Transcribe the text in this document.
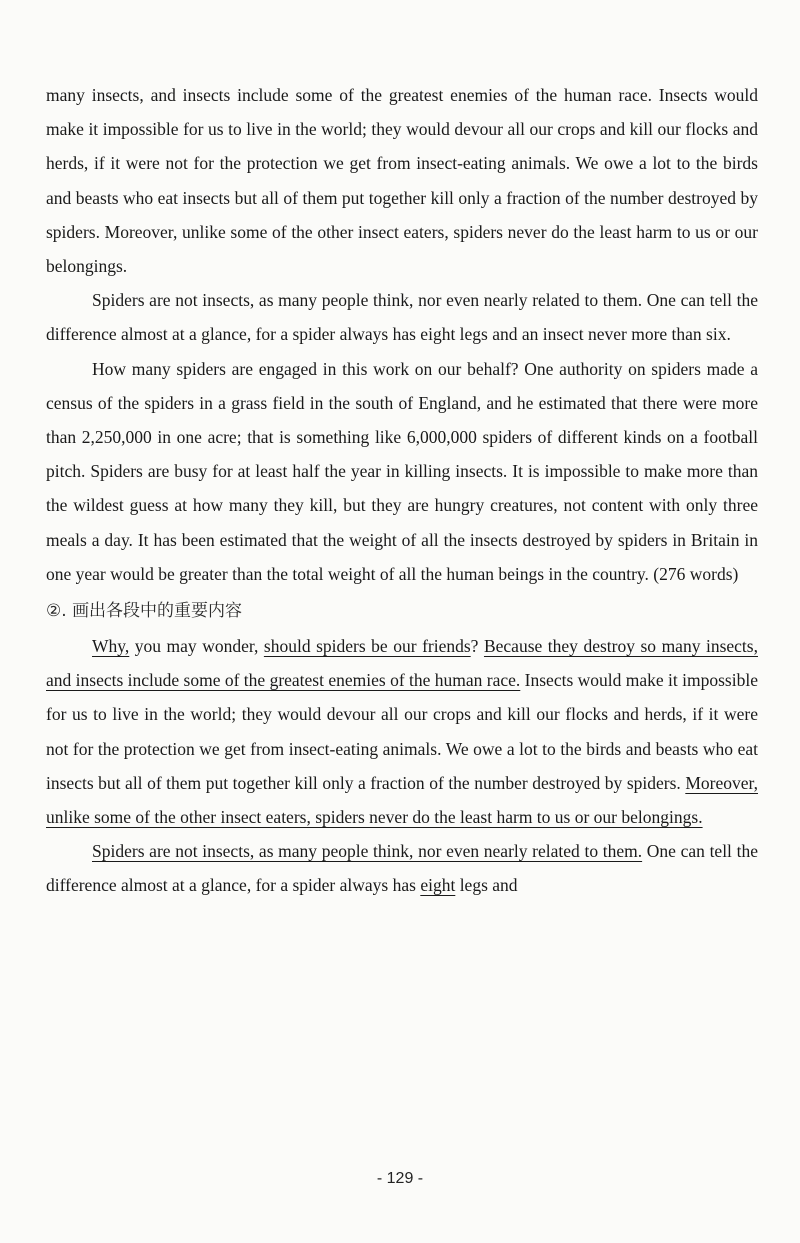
many insects, and insects include some of the greatest enemies of the human race. Insects would make it impossible for us to live in the world; they would devour all our crops and kill our flocks and herds, if it were not for the protection we get from insect-eating animals. We owe a lot to the birds and beasts who eat insects but all of them put together kill only a fraction of the number destroyed by spiders. Moreover, unlike some of the other insect eaters, spiders never do the least harm to us or our belongings.

Spiders are not insects, as many people think, nor even nearly related to them. One can tell the difference almost at a glance, for a spider always has eight legs and an insect never more than six.

How many spiders are engaged in this work on our behalf? One authority on spiders made a census of the spiders in a grass field in the south of England, and he estimated that there were more than 2,250,000 in one acre; that is something like 6,000,000 spiders of different kinds on a football pitch. Spiders are busy for at least half the year in killing insects. It is impossible to make more than the wildest guess at how many they kill, but they are hungry creatures, not content with only three meals a day. It has been estimated that the weight of all the insects destroyed by spiders in Britain in one year would be greater than the total weight of all the human beings in the country. (276 words)

②. 画出各段中的重要内容

Why, you may wonder, should spiders be our friends? Because they destroy so many insects, and insects include some of the greatest enemies of the human race. Insects would make it impossible for us to live in the world; they would devour all our crops and kill our flocks and herds, if it were not for the protection we get from insect-eating animals. We owe a lot to the birds and beasts who eat insects but all of them put together kill only a fraction of the number destroyed by spiders. Moreover, unlike some of the other insect eaters, spiders never do the least harm to us or our belongings.

Spiders are not insects, as many people think, nor even nearly related to them. One can tell the difference almost at a glance, for a spider always has eight legs and

- 129 -
